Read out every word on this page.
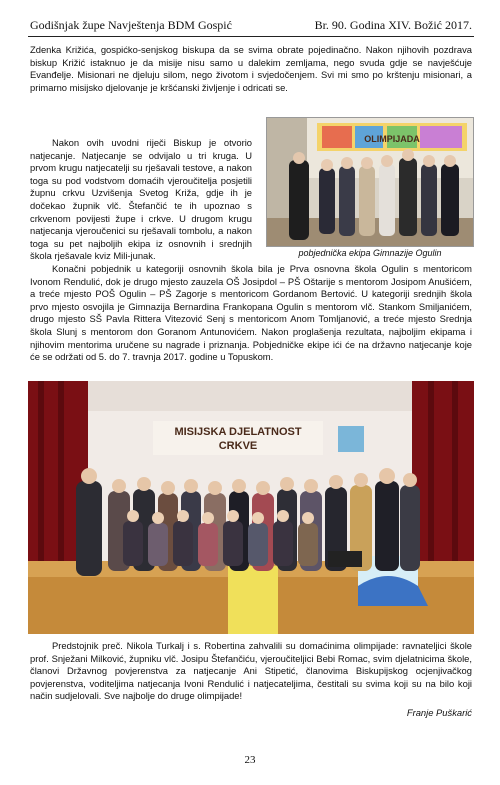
Godišnjak župe Navještenja BDM Gospić	Br. 90. Godina XIV. Božić 2017.
Zdenka Križića, gospićko-senjskog biskupa da se svima obrate pojedinačno. Nakon njihovih pozdrava biskup Križić istaknuo je da misije nisu samo u dalekim zemljama, nego svuda gdje se navješćuje Evanđelje. Misionari ne djeluju silom, nego životom i svjedočenjem. Svi mi smo po krštenju misionari, a primarno misijsko djelovanje je kršćanski življenje i odricati se.
Nakon ovih uvodni riječi Biskup je otvorio natjecanje. Natjecanje se odvijalo u tri kruga. U prvom krugu natjecatelji su rješavali testove, a nakon toga su pod vodstvom domaćih vjeroučitelja posjetili župnu crkvu Uzvišenja Svetog Križa, gdje ih je dočekao župnik vlč. Štefančić te ih upoznao s crkvenom povijesti župe i crkve. U drugom krugu natjecanja vjeroučenici su rješavali tombolu, a nakon toga su pet najboljih ekipa iz osnovnih i srednjih škola rješavale kviz Mili-junak.
OLIMPIJADA
pobjednička ekipa Gimnazije Ogulin
Konačni pobjednik u kategoriji osnovnih škola bila je Prva osnovna škola Ogulin s mentoricom Ivonom Rendulić, dok je drugo mjesto zauzela OŠ Josipdol – PŠ Oštarije s mentorom Josipom Anušićem, a treće mjesto POŠ Ogulin – PŠ Zagorje s mentoricom Gordanom Bertović. U kategoriji srednjih škola prvo mjesto osvojila je Gimnazija Bernardina Frankopana Ogulin s mentorom vlč. Stankom Smiljanićem, drugo mjesto SŠ Pavla Rittera Vitezović Senj s mentoricom Anom Tomljanović, a treće mjesto Srednja škola Slunj s mentorom don Goranom Antunovićem. Nakon proglašenja rezultata, najboljim ekipama i njihovim mentorima uručene su nagrade i priznanja. Pobjedničke ekipe ići će na državno natjecanje koje će se održati od 5. do 7. travnja 2017. godine u Topuskom.
MISIJSKA DJELATNOST
CRKVE
Predstojnik preč. Nikola Turkalj i s. Robertina zahvalili su domaćinima olimpijade: ravnateljici škole prof. Snježani Milković, župniku vlč. Josipu Štefančiću, vjeroučiteljici Bebi Romac, svim djelatnicima škole, članovi Državnog povjerenstva za natjecanje Ani Stipetić, članovima Biskupijskog ocjenjivačkog povjerenstva, voditeljima natjecanja Ivoni Rendulić i natjecateljima, čestitali su svima koji su na bilo koji način sudjelovali. Sve najbolje do druge olimpijade!
Franje Puškarić
23
